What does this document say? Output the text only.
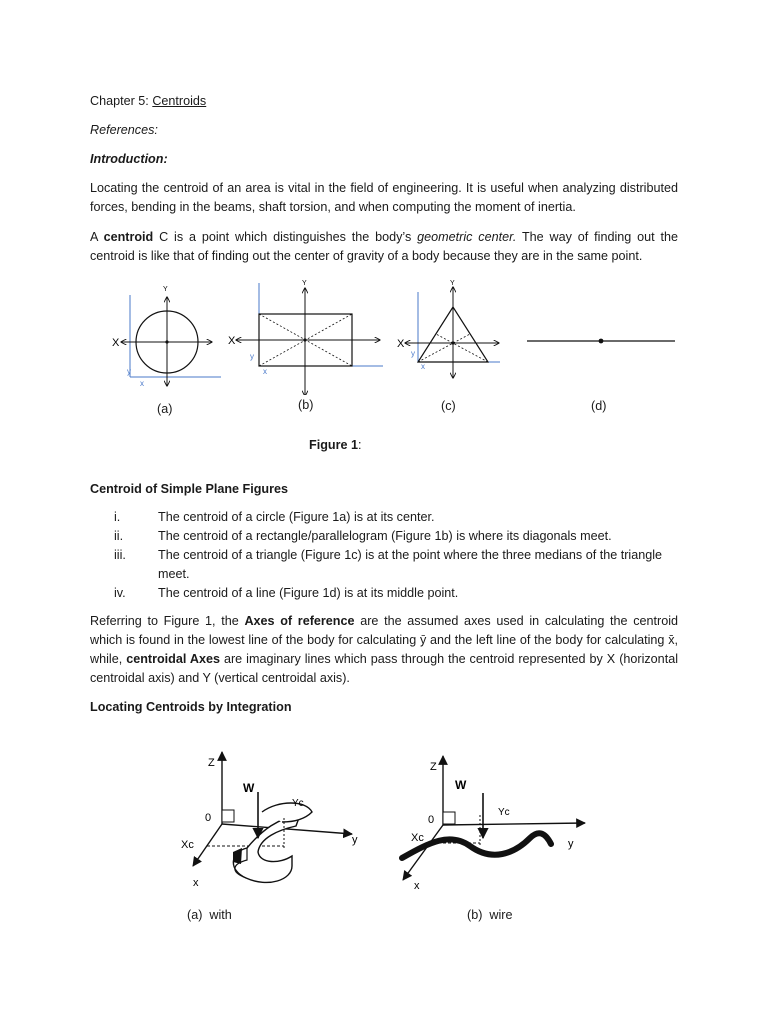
Chapter 5: Centroids
References:
Introduction:
Locating the centroid of an area is vital in the field of engineering. It is useful when analyzing distributed forces, bending in the beams, shaft torsion, and when computing the moment of inertia.
A centroid C is a point which distinguishes the body’s geometric center. The way of finding out the centroid is like that of finding out the center of gravity of a body because they are in the same point.
Y
X
y
x
Y
X
y
x
Y
X
y
x
(a)	(b)	(c)	(d)
Figure 1:
Centroid of Simple Plane Figures
i.	The centroid of a circle (Figure 1a) is at its center.
ii.	The centroid of a rectangle/parallelogram (Figure 1b) is where its diagonals meet.
iii.	The centroid of a triangle (Figure 1c) is at the point where the three medians of the triangle meet.
iv.	The centroid of a line (Figure 1d) is at its middle point.
Referring to Figure 1, the Axes of reference are the assumed axes used in calculating the centroid which is found in the lowest line of the body for calculating ȳ and the left line of the body for calculating x̄, while, centroidal Axes are imaginary lines which pass through the centroid represented by X (horizontal centroidal axis) and Y (vertical centroidal axis).
Locating Centroids by Integration
Z
W
0
Yc
Xc	y
x
Z
W
0
Yc
Xc	y
x
(a)  with	(b)  wire
